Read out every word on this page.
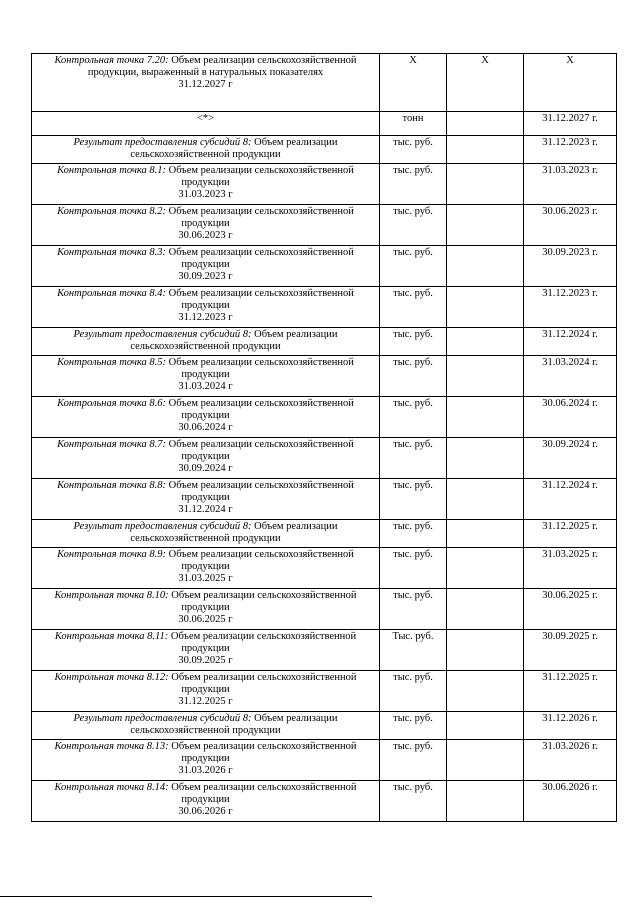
Контрольная точка 7.20: Объем реализации сельскохозяйственной продукции, выраженный в натуральных показателях
31.12.2027 г	X	X	X
<*>	тонн		31.12.2027 г.
Результат предоставления субсидий 8: Объем реализации сельскохозяйственной продукции	тыс. руб.		31.12.2023 г.
Контрольная точка 8.1: Объем реализации сельскохозяйственной продукции
31.03.2023 г	тыс. руб.		31.03.2023 г.
Контрольная точка 8.2: Объем реализации сельскохозяйственной продукции
30.06.2023 г	тыс. руб.		30.06.2023 г.
Контрольная точка 8.3: Объем реализации сельскохозяйственной продукции
30.09.2023 г	тыс. руб.		30.09.2023 г.
Контрольная точка 8.4: Объем реализации сельскохозяйственной продукции
31.12.2023 г	тыс. руб.		31.12.2023 г.
Результат предоставления субсидий 8: Объем реализации сельскохозяйственной продукции	тыс. руб.		31.12.2024 г.
Контрольная точка 8.5: Объем реализации сельскохозяйственной продукции
31.03.2024 г	тыс. руб.		31.03.2024 г.
Контрольная точка 8.6: Объем реализации сельскохозяйственной продукции
30.06.2024 г	тыс. руб.		30.06.2024 г.
Контрольная точка 8.7: Объем реализации сельскохозяйственной продукции
30.09.2024 г	тыс. руб.		30.09.2024 г.
Контрольная точка 8.8: Объем реализации сельскохозяйственной продукции
31.12.2024 г	тыс. руб.		31.12.2024 г.
Результат предоставления субсидий 8: Объем реализации сельскохозяйственной продукции	тыс. руб.		31.12.2025 г.
Контрольная точка 8.9: Объем реализации сельскохозяйственной продукции
31.03.2025 г	тыс. руб.		31.03.2025 г.
Контрольная точка 8.10: Объем реализации сельскохозяйственной продукции
30.06.2025 г	тыс. руб.		30.06.2025 г.
Контрольная точка 8.11: Объем реализации сельскохозяйственной продукции
30.09.2025 г	Тыс. руб.		30.09.2025 г.
Контрольная точка 8.12: Объем реализации сельскохозяйственной продукции
31.12.2025 г	тыс. руб.		31.12.2025 г.
Результат предоставления субсидий 8: Объем реализации сельскохозяйственной продукции	тыс. руб.		31.12.2026 г.
Контрольная точка 8.13: Объем реализации сельскохозяйственной продукции
31.03.2026 г	тыс. руб.		31.03.2026 г.
Контрольная точка 8.14: Объем реализации сельскохозяйственной продукции
30.06.2026 г	тыс. руб.		30.06.2026 г.
